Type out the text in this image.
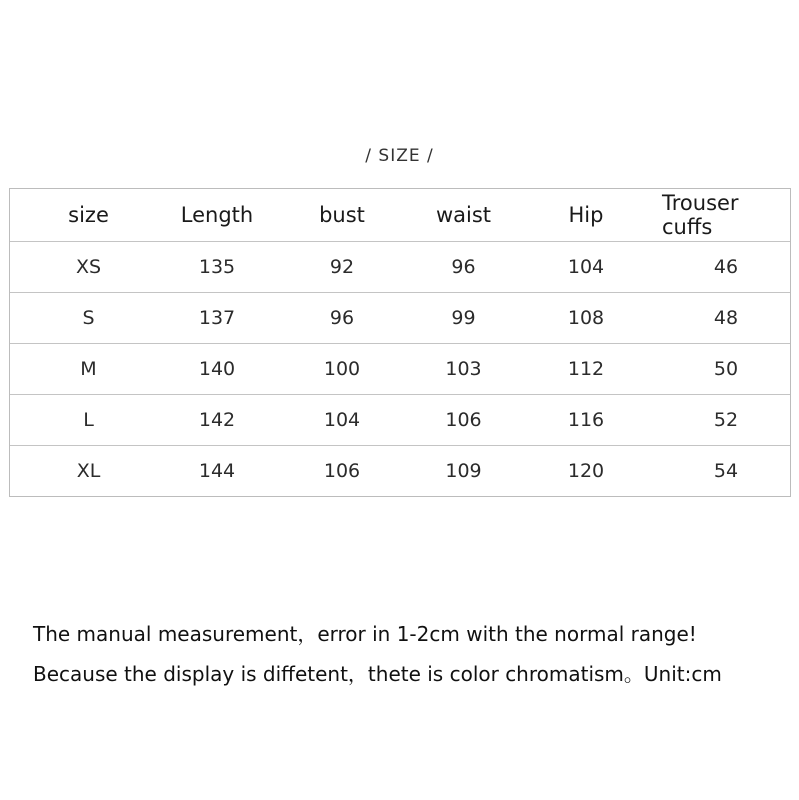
/ SIZE /
size	Length	bust	waist	Hip	Trouser cuffs
XS	135	92	96	104	46
S	137	96	99	108	48
M	140	100	103	112	50
L	142	104	106	116	52
XL	144	106	109	120	54
The manual measurement，error in 1-2cm with the normal range!
Because the display is diffetent，thete is color chromatism。Unit:cm
